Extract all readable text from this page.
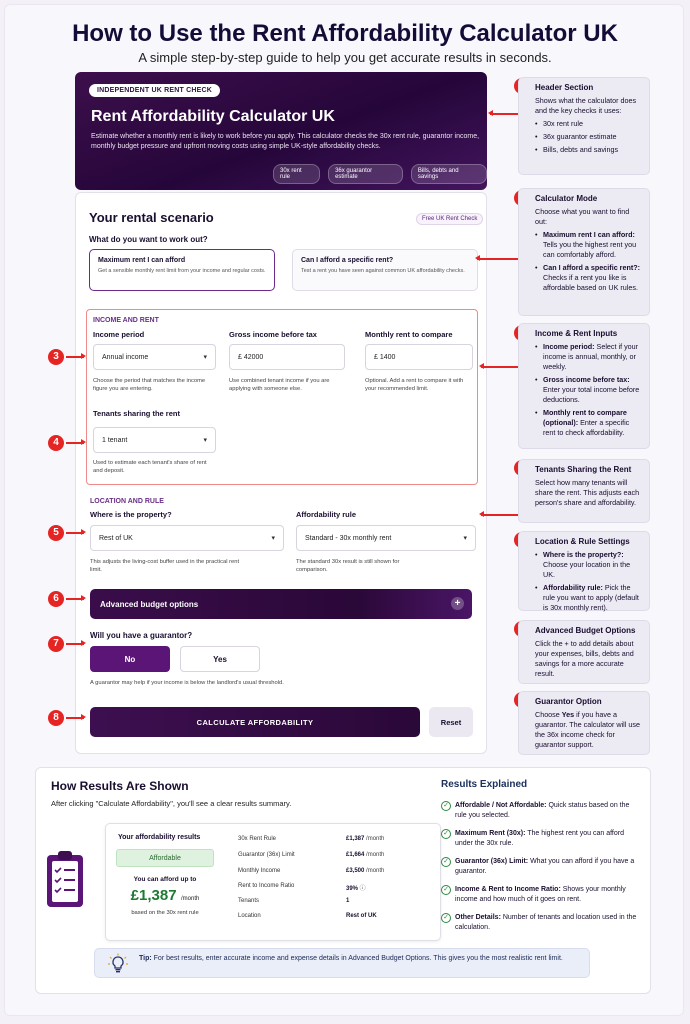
How to Use the Rent Affordability Calculator UK
A simple step-by-step guide to help you get accurate results in seconds.
INDEPENDENT UK RENT CHECK
Rent Affordability Calculator UK
Estimate whether a monthly rent is likely to work before you apply. This calculator checks the 30x rent rule, guarantor income, monthly budget pressure and upfront moving costs using simple UK-style affordability checks.
30x rent rule
36x guarantor estimate
Bills, debts and savings
Your rental scenario	Free UK Rent Check
What do you want to work out?
Maximum rent I can afford
Get a sensible monthly rent limit from your income and regular costs.
Can I afford a specific rent?
Test a rent you have seen against common UK affordability checks.
INCOME AND RENT
Income period
Annual income	▾
Choose the period that matches the income figure you are entering.
Gross income before tax
£ 42000
Use combined tenant income if you are applying with someone else.
Monthly rent to compare
£ 1400
Optional. Add a rent to compare it with your recommended limit.
Tenants sharing the rent
1 tenant	▾
Used to estimate each tenant's share of rent and deposit.
LOCATION AND RULE
Where is the property?
Rest of UK	▾
This adjusts the living-cost buffer used in the practical rent limit.
Affordability rule
Standard - 30x monthly rent	▾
The standard 30x result is still shown for comparison.
Advanced budget options	+
Will you have a guarantor?
No	Yes
A guarantor may help if your income is below the landlord's usual threshold.
CALCULATE AFFORDABILITY	Reset
3
4
5
6
7
8
Header Section
Shows what the calculator does and the key checks it uses:
• 30x rent rule
• 36x guarantor estimate
• Bills, debts and savings
Calculator Mode
Choose what you want to find out:
• Maximum rent I can afford: Tells you the highest rent you can comfortably afford.
• Can I afford a specific rent?: Checks if a rent you like is affordable based on UK rules.
Income & Rent Inputs
• Income period: Select if your income is annual, monthly, or weekly.
• Gross income before tax: Enter your total income before deductions.
• Monthly rent to compare (optional): Enter a specific rent to check affordability.
Tenants Sharing the Rent
Select how many tenants will share the rent. This adjusts each person's share and affordability.
Location & Rule Settings
• Where is the property?: Choose your location in the UK.
• Affordability rule: Pick the rule you want to apply (default is 30x monthly rent).
Advanced Budget Options
Click the + to add details about your expenses, bills, debts and savings for a more accurate result.
Guarantor Option
Choose Yes if you have a guarantor. The calculator will use the 36x income check for guarantor support.
How Results Are Shown
After clicking "Calculate Affordability", you'll see a clear results summary.
Your affordability results
Affordable
You can afford up to
£1,387 /month
based on the 30x rent rule
30x Rent Rule	£1,387 /month
Guarantor (36x) Limit	£1,664 /month
Monthly Income	£3,500 /month
Rent to Income Ratio	39% ⓘ
Tenants	1
Location	Rest of UK
Results Explained
✓ Affordable / Not Affordable: Quick status based on the rule you selected.
✓ Maximum Rent (30x): The highest rent you can afford under the 30x rule.
✓ Guarantor (36x) Limit: What you can afford if you have a guarantor.
✓ Income & Rent to Income Ratio: Shows your monthly income and how much of it goes on rent.
✓ Other Details: Number of tenants and location used in the calculation.
Tip: For best results, enter accurate income and expense details in Advanced Budget Options. This gives you the most realistic rent limit.
